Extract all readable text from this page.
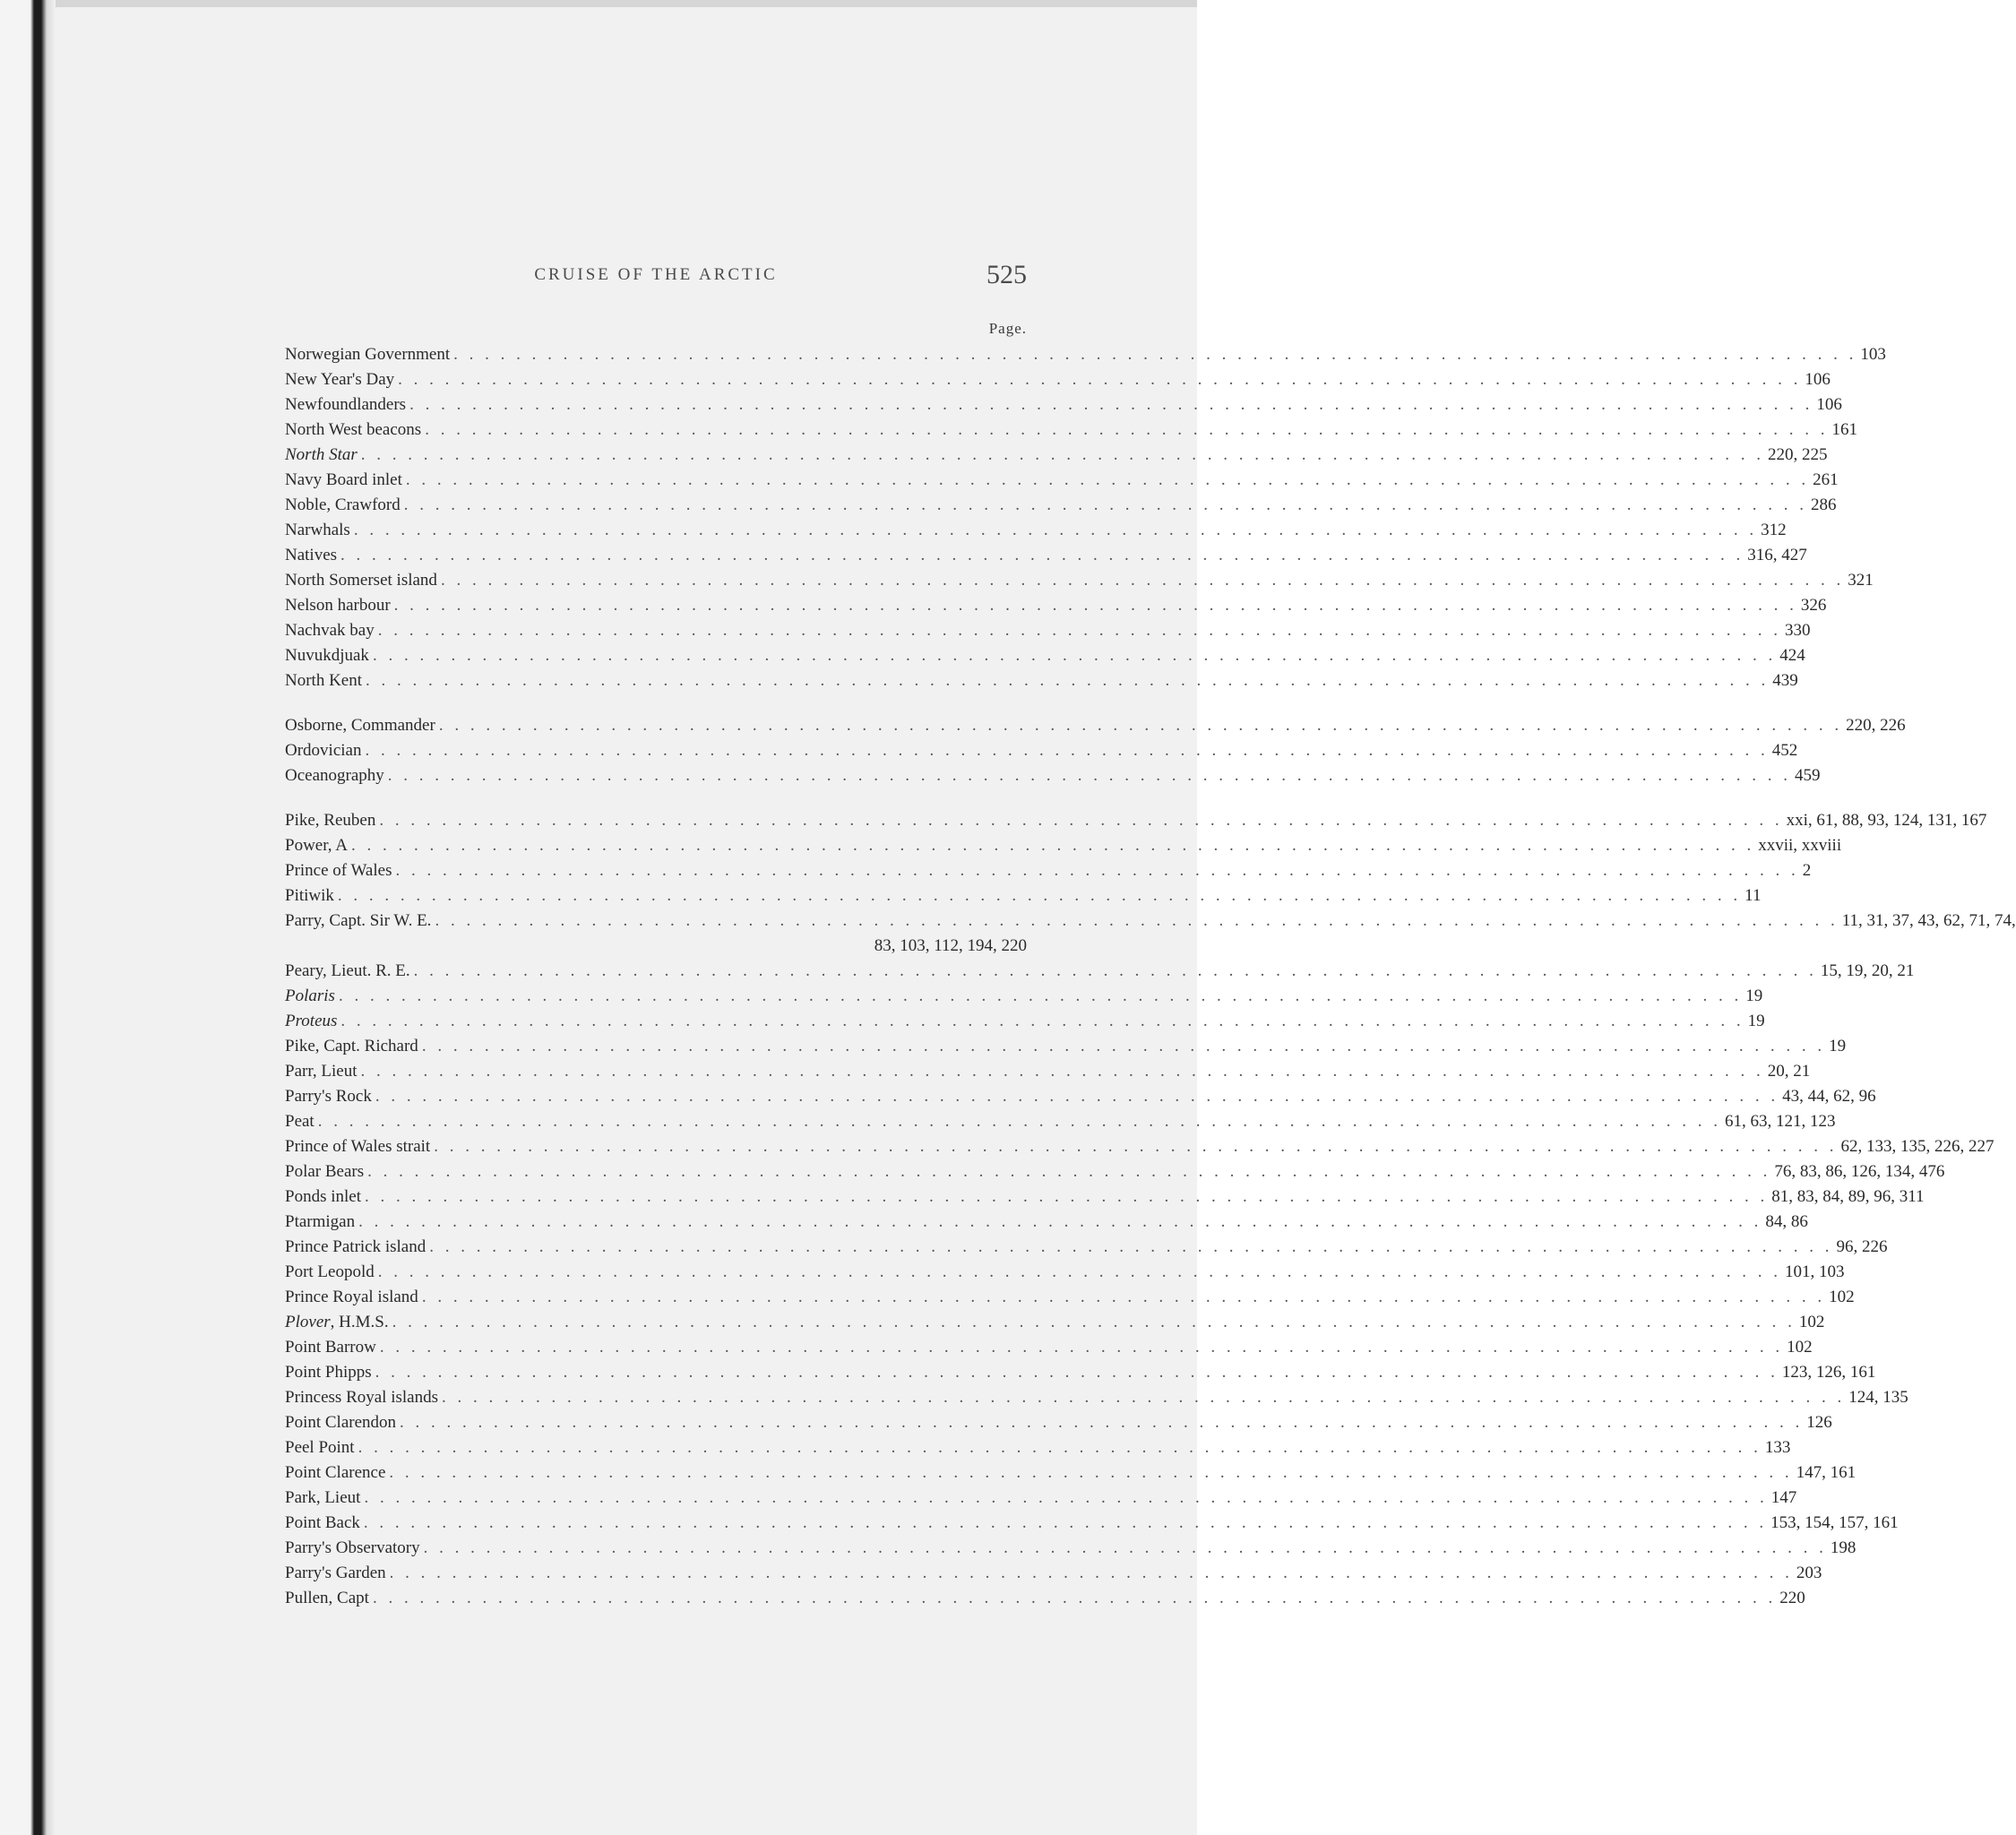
CRUISE OF THE ARCTIC	525
Page.
Norwegian Government . . . . . . . . . . . . . . . . . . . . . . . . . . . . . . . . . . . . . . . . . . . . . . . . . . . . . . . . . . . . . . . . . . . . . . . . . . . . . . . . . . . . . . . . . . 103
New Year's Day . . . . . . . . . . . . . . . . . . . . . . . . . . . . . . . . . . . . . . . . . . . . . . . . . . . . . . . . . . . . . . . . . . . . . . . . . . . . . . . . . . . . . . . . . . 106
Newfoundlanders . . . . . . . . . . . . . . . . . . . . . . . . . . . . . . . . . . . . . . . . . . . . . . . . . . . . . . . . . . . . . . . . . . . . . . . . . . . . . . . . . . . . . . . . . . 106
North West beacons . . . . . . . . . . . . . . . . . . . . . . . . . . . . . . . . . . . . . . . . . . . . . . . . . . . . . . . . . . . . . . . . . . . . . . . . . . . . . . . . . . . . . . . . . . 161
North Star . . . . . . . . . . . . . . . . . . . . . . . . . . . . . . . . . . . . . . . . . . . . . . . . . . . . . . . . . . . . . . . . . . . . . . . . . . . . . . . . . . . . . . . . . . 220, 225
Navy Board inlet . . . . . . . . . . . . . . . . . . . . . . . . . . . . . . . . . . . . . . . . . . . . . . . . . . . . . . . . . . . . . . . . . . . . . . . . . . . . . . . . . . . . . . . . . . 261
Noble, Crawford . . . . . . . . . . . . . . . . . . . . . . . . . . . . . . . . . . . . . . . . . . . . . . . . . . . . . . . . . . . . . . . . . . . . . . . . . . . . . . . . . . . . . . . . . . 286
Narwhals . . . . . . . . . . . . . . . . . . . . . . . . . . . . . . . . . . . . . . . . . . . . . . . . . . . . . . . . . . . . . . . . . . . . . . . . . . . . . . . . . . . . . . . . . . 312
Natives . . . . . . . . . . . . . . . . . . . . . . . . . . . . . . . . . . . . . . . . . . . . . . . . . . . . . . . . . . . . . . . . . . . . . . . . . . . . . . . . . . . . . . . . . . 316, 427
North Somerset island . . . . . . . . . . . . . . . . . . . . . . . . . . . . . . . . . . . . . . . . . . . . . . . . . . . . . . . . . . . . . . . . . . . . . . . . . . . . . . . . . . . . . . . . . . 321
Nelson harbour . . . . . . . . . . . . . . . . . . . . . . . . . . . . . . . . . . . . . . . . . . . . . . . . . . . . . . . . . . . . . . . . . . . . . . . . . . . . . . . . . . . . . . . . . . 326
Nachvak bay . . . . . . . . . . . . . . . . . . . . . . . . . . . . . . . . . . . . . . . . . . . . . . . . . . . . . . . . . . . . . . . . . . . . . . . . . . . . . . . . . . . . . . . . . . 330
Nuvukdjuak . . . . . . . . . . . . . . . . . . . . . . . . . . . . . . . . . . . . . . . . . . . . . . . . . . . . . . . . . . . . . . . . . . . . . . . . . . . . . . . . . . . . . . . . . . 424
North Kent . . . . . . . . . . . . . . . . . . . . . . . . . . . . . . . . . . . . . . . . . . . . . . . . . . . . . . . . . . . . . . . . . . . . . . . . . . . . . . . . . . . . . . . . . . 439
Osborne, Commander . . . . . . . . . . . . . . . . . . . . . . . . . . . . . . . . . . . . . . . . . . . . . . . . . . . . . . . . . . . . . . . . . . . . . . . . . . . . . . . . . . . . . . . . . . 220, 226
Ordovician . . . . . . . . . . . . . . . . . . . . . . . . . . . . . . . . . . . . . . . . . . . . . . . . . . . . . . . . . . . . . . . . . . . . . . . . . . . . . . . . . . . . . . . . . . 452
Oceanography . . . . . . . . . . . . . . . . . . . . . . . . . . . . . . . . . . . . . . . . . . . . . . . . . . . . . . . . . . . . . . . . . . . . . . . . . . . . . . . . . . . . . . . . . . 459
Pike, Reuben . . . . . . . . . . . . . . . . . . . . . . . . . . . . . . . . . . . . . . . . . . . . . . . . . . . . . . . . . . . . . . . . . . . . . . . . . . . . . . . . . . . . . . . . . . xxi, 61, 88, 93, 124, 131, 167
Power, A . . . . . . . . . . . . . . . . . . . . . . . . . . . . . . . . . . . . . . . . . . . . . . . . . . . . . . . . . . . . . . . . . . . . . . . . . . . . . . . . . . . . . . . . . . xxvii, xxviii
Prince of Wales . . . . . . . . . . . . . . . . . . . . . . . . . . . . . . . . . . . . . . . . . . . . . . . . . . . . . . . . . . . . . . . . . . . . . . . . . . . . . . . . . . . . . . . . . . 2
Pitiwik . . . . . . . . . . . . . . . . . . . . . . . . . . . . . . . . . . . . . . . . . . . . . . . . . . . . . . . . . . . . . . . . . . . . . . . . . . . . . . . . . . . . . . . . . . 11
Parry, Capt. Sir W. E. . . . . . . . . . . . . . . . . . . . . . . . . . . . . . . . . . . . . . . . . . . . . . . . . . . . . . . . . . . . . . . . . . . . . . . . . . . . . . . . . . . . . . . . . . . 11, 31, 37, 43, 62, 71, 74,
83, 103, 112, 194, 220
Peary, Lieut. R. E. . . . . . . . . . . . . . . . . . . . . . . . . . . . . . . . . . . . . . . . . . . . . . . . . . . . . . . . . . . . . . . . . . . . . . . . . . . . . . . . . . . . . . . . . . . 15, 19, 20, 21
Polaris . . . . . . . . . . . . . . . . . . . . . . . . . . . . . . . . . . . . . . . . . . . . . . . . . . . . . . . . . . . . . . . . . . . . . . . . . . . . . . . . . . . . . . . . . . 19
Proteus . . . . . . . . . . . . . . . . . . . . . . . . . . . . . . . . . . . . . . . . . . . . . . . . . . . . . . . . . . . . . . . . . . . . . . . . . . . . . . . . . . . . . . . . . . 19
Pike, Capt. Richard . . . . . . . . . . . . . . . . . . . . . . . . . . . . . . . . . . . . . . . . . . . . . . . . . . . . . . . . . . . . . . . . . . . . . . . . . . . . . . . . . . . . . . . . . . 19
Parr, Lieut . . . . . . . . . . . . . . . . . . . . . . . . . . . . . . . . . . . . . . . . . . . . . . . . . . . . . . . . . . . . . . . . . . . . . . . . . . . . . . . . . . . . . . . . . . 20, 21
Parry's Rock . . . . . . . . . . . . . . . . . . . . . . . . . . . . . . . . . . . . . . . . . . . . . . . . . . . . . . . . . . . . . . . . . . . . . . . . . . . . . . . . . . . . . . . . . . 43, 44, 62, 96
Peat . . . . . . . . . . . . . . . . . . . . . . . . . . . . . . . . . . . . . . . . . . . . . . . . . . . . . . . . . . . . . . . . . . . . . . . . . . . . . . . . . . . . . . . . . . 61, 63, 121, 123
Prince of Wales strait . . . . . . . . . . . . . . . . . . . . . . . . . . . . . . . . . . . . . . . . . . . . . . . . . . . . . . . . . . . . . . . . . . . . . . . . . . . . . . . . . . . . . . . . . . 62, 133, 135, 226, 227
Polar Bears . . . . . . . . . . . . . . . . . . . . . . . . . . . . . . . . . . . . . . . . . . . . . . . . . . . . . . . . . . . . . . . . . . . . . . . . . . . . . . . . . . . . . . . . . . 76, 83, 86, 126, 134, 476
Ponds inlet . . . . . . . . . . . . . . . . . . . . . . . . . . . . . . . . . . . . . . . . . . . . . . . . . . . . . . . . . . . . . . . . . . . . . . . . . . . . . . . . . . . . . . . . . . 81, 83, 84, 89, 96, 311
Ptarmigan . . . . . . . . . . . . . . . . . . . . . . . . . . . . . . . . . . . . . . . . . . . . . . . . . . . . . . . . . . . . . . . . . . . . . . . . . . . . . . . . . . . . . . . . . . 84, 86
Prince Patrick island . . . . . . . . . . . . . . . . . . . . . . . . . . . . . . . . . . . . . . . . . . . . . . . . . . . . . . . . . . . . . . . . . . . . . . . . . . . . . . . . . . . . . . . . . . 96, 226
Port Leopold . . . . . . . . . . . . . . . . . . . . . . . . . . . . . . . . . . . . . . . . . . . . . . . . . . . . . . . . . . . . . . . . . . . . . . . . . . . . . . . . . . . . . . . . . . 101, 103
Prince Royal island . . . . . . . . . . . . . . . . . . . . . . . . . . . . . . . . . . . . . . . . . . . . . . . . . . . . . . . . . . . . . . . . . . . . . . . . . . . . . . . . . . . . . . . . . . 102
Plover, H.M.S. . . . . . . . . . . . . . . . . . . . . . . . . . . . . . . . . . . . . . . . . . . . . . . . . . . . . . . . . . . . . . . . . . . . . . . . . . . . . . . . . . . . . . . . . . . 102
Point Barrow . . . . . . . . . . . . . . . . . . . . . . . . . . . . . . . . . . . . . . . . . . . . . . . . . . . . . . . . . . . . . . . . . . . . . . . . . . . . . . . . . . . . . . . . . . 102
Point Phipps . . . . . . . . . . . . . . . . . . . . . . . . . . . . . . . . . . . . . . . . . . . . . . . . . . . . . . . . . . . . . . . . . . . . . . . . . . . . . . . . . . . . . . . . . . 123, 126, 161
Princess Royal islands . . . . . . . . . . . . . . . . . . . . . . . . . . . . . . . . . . . . . . . . . . . . . . . . . . . . . . . . . . . . . . . . . . . . . . . . . . . . . . . . . . . . . . . . . . 124, 135
Point Clarendon . . . . . . . . . . . . . . . . . . . . . . . . . . . . . . . . . . . . . . . . . . . . . . . . . . . . . . . . . . . . . . . . . . . . . . . . . . . . . . . . . . . . . . . . . . 126
Peel Point . . . . . . . . . . . . . . . . . . . . . . . . . . . . . . . . . . . . . . . . . . . . . . . . . . . . . . . . . . . . . . . . . . . . . . . . . . . . . . . . . . . . . . . . . . 133
Point Clarence . . . . . . . . . . . . . . . . . . . . . . . . . . . . . . . . . . . . . . . . . . . . . . . . . . . . . . . . . . . . . . . . . . . . . . . . . . . . . . . . . . . . . . . . . . 147, 161
Park, Lieut . . . . . . . . . . . . . . . . . . . . . . . . . . . . . . . . . . . . . . . . . . . . . . . . . . . . . . . . . . . . . . . . . . . . . . . . . . . . . . . . . . . . . . . . . . 147
Point Back . . . . . . . . . . . . . . . . . . . . . . . . . . . . . . . . . . . . . . . . . . . . . . . . . . . . . . . . . . . . . . . . . . . . . . . . . . . . . . . . . . . . . . . . . . 153, 154, 157, 161
Parry's Observatory . . . . . . . . . . . . . . . . . . . . . . . . . . . . . . . . . . . . . . . . . . . . . . . . . . . . . . . . . . . . . . . . . . . . . . . . . . . . . . . . . . . . . . . . . . 198
Parry's Garden . . . . . . . . . . . . . . . . . . . . . . . . . . . . . . . . . . . . . . . . . . . . . . . . . . . . . . . . . . . . . . . . . . . . . . . . . . . . . . . . . . . . . . . . . . 203
Pullen, Capt . . . . . . . . . . . . . . . . . . . . . . . . . . . . . . . . . . . . . . . . . . . . . . . . . . . . . . . . . . . . . . . . . . . . . . . . . . . . . . . . . . . . . . . . . . 220
